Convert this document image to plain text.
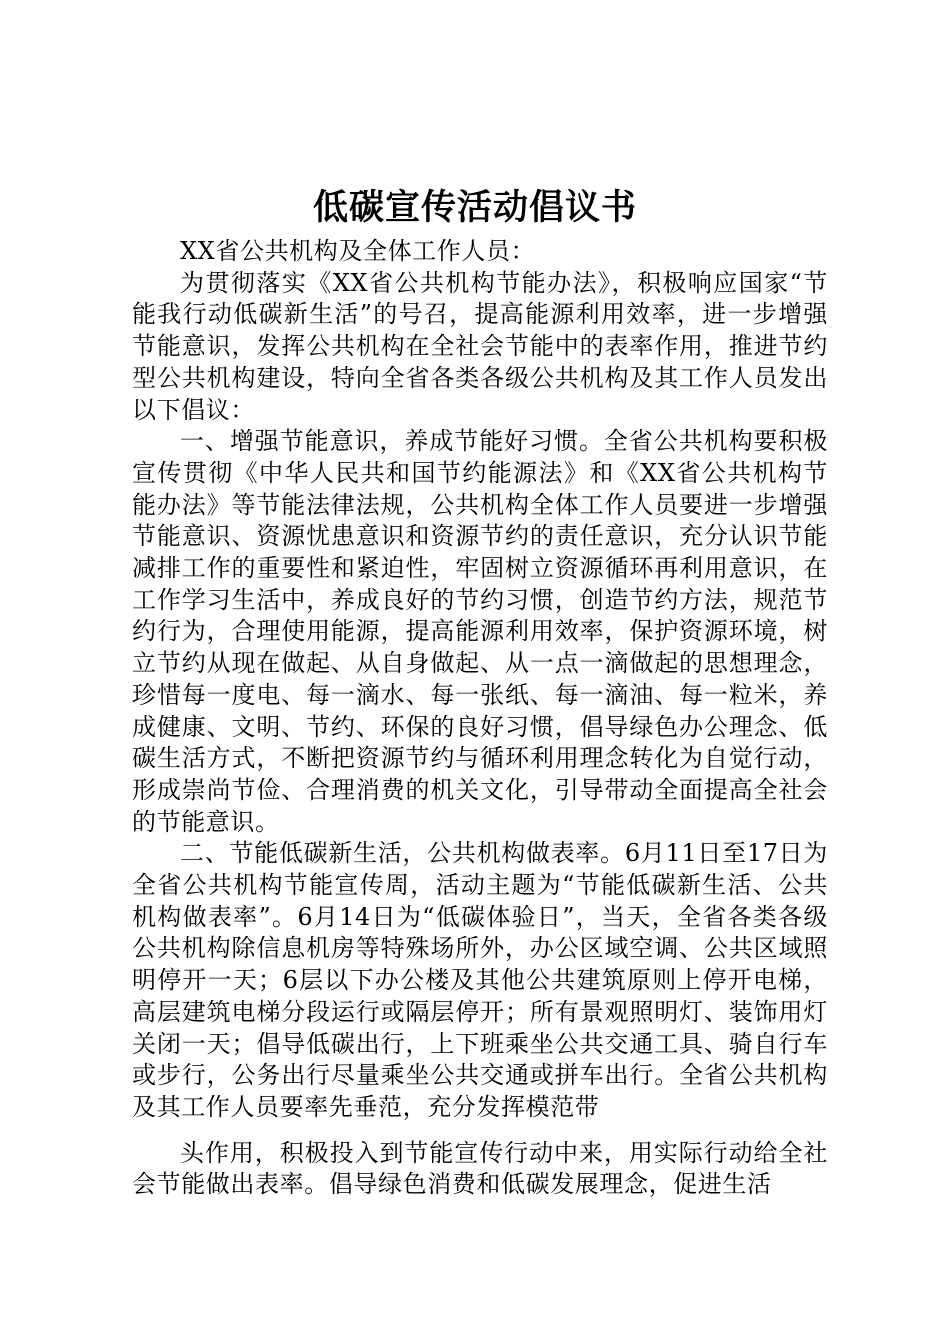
低碳宣传活动倡议书

XX省公共机构及全体工作人员：

为贯彻落实《XX省公共机构节能办法》，积极响应国家“节能我行动低碳新生活”的号召，提高能源利用效率，进一步增强节能意识，发挥公共机构在全社会节能中的表率作用，推进节约型公共机构建设，特向全省各类各级公共机构及其工作人员发出以下倡议：

一、增强节能意识，养成节能好习惯。全省公共机构要积极宣传贯彻《中华人民共和国节约能源法》和《XX省公共机构节能办法》等节能法律法规，公共机构全体工作人员要进一步增强节能意识、资源忧患意识和资源节约的责任意识，充分认识节能减排工作的重要性和紧迫性，牢固树立资源循环再利用意识，在工作学习生活中，养成良好的节约习惯，创造节约方法，规范节约行为，合理使用能源，提高能源利用效率，保护资源环境，树立节约从现在做起、从自身做起、从一点一滴做起的思想理念，珍惜每一度电、每一滴水、每一张纸、每一滴油、每一粒米，养成健康、文明、节约、环保的良好习惯，倡导绿色办公理念、低碳生活方式，不断把资源节约与循环利用理念转化为自觉行动，形成崇尚节俭、合理消费的机关文化，引导带动全面提高全社会的节能意识。

二、节能低碳新生活，公共机构做表率。6月11日至17日为全省公共机构节能宣传周，活动主题为“节能低碳新生活、公共机构做表率”。6月14日为“低碳体验日”，当天，全省各类各级公共机构除信息机房等特殊场所外，办公区域空调、公共区域照明停开一天；6层以下办公楼及其他公共建筑原则上停开电梯，高层建筑电梯分段运行或隔层停开；所有景观照明灯、装饰用灯关闭一天；倡导低碳出行，上下班乘坐公共交通工具、骑自行车或步行，公务出行尽量乘坐公共交通或拼车出行。全省公共机构及其工作人员要率先垂范，充分发挥模范带

头作用，积极投入到节能宣传行动中来，用实际行动给全社会节能做出表率。倡导绿色消费和低碳发展理念，促进生活
